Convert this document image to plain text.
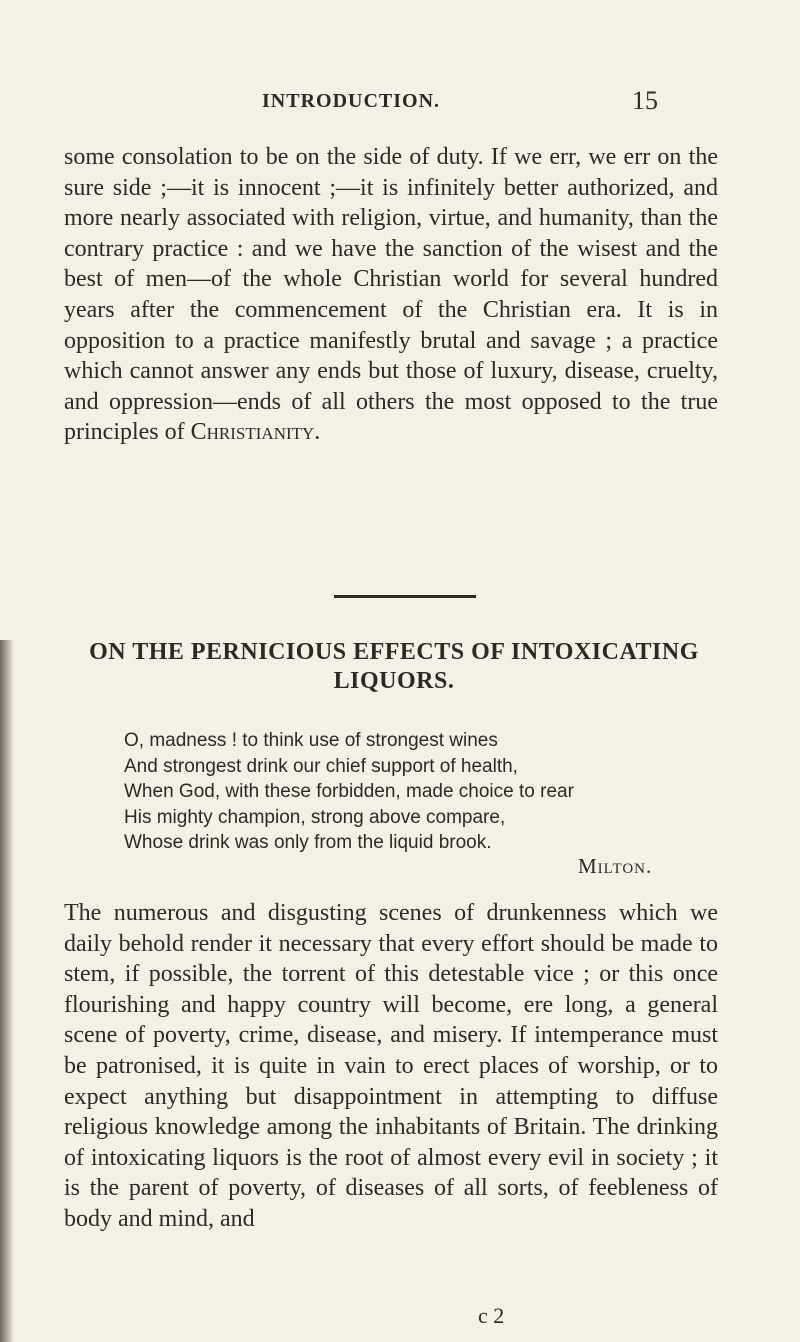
INTRODUCTION.	15

some consolation to be on the side of duty. If we err, we err on the sure side ;—it is innocent ;—it is infinitely better authorized, and more nearly associated with religion, virtue, and humanity, than the contrary practice : and we have the sanction of the wisest and the best of men—of the whole Christian world for several hundred years after the commencement of the Christian era. It is in opposition to a practice manifestly brutal and savage ; a practice which cannot answer any ends but those of luxury, disease, cruelty, and oppression—ends of all others the most opposed to the true principles of Christianity.

ON THE PERNICIOUS EFFECTS OF INTOXICATING LIQUORS.
O, madness ! to think use of strongest wines
And strongest drink our chief support of health,
When God, with these forbidden, made choice to rear
His mighty champion, strong above compare,
Whose drink was only from the liquid brook.
Milton.

The numerous and disgusting scenes of drunkenness which we daily behold render it necessary that every effort should be made to stem, if possible, the torrent of this detestable vice ; or this once flourishing and happy country will become, ere long, a general scene of poverty, crime, disease, and misery. If intemperance must be patronised, it is quite in vain to erect places of worship, or to expect anything but disappointment in attempting to diffuse religious knowledge among the inhabitants of Britain. The drinking of intoxicating liquors is the root of almost every evil in society ; it is the parent of poverty, of diseases of all sorts, of feebleness of body and mind, and

c 2
